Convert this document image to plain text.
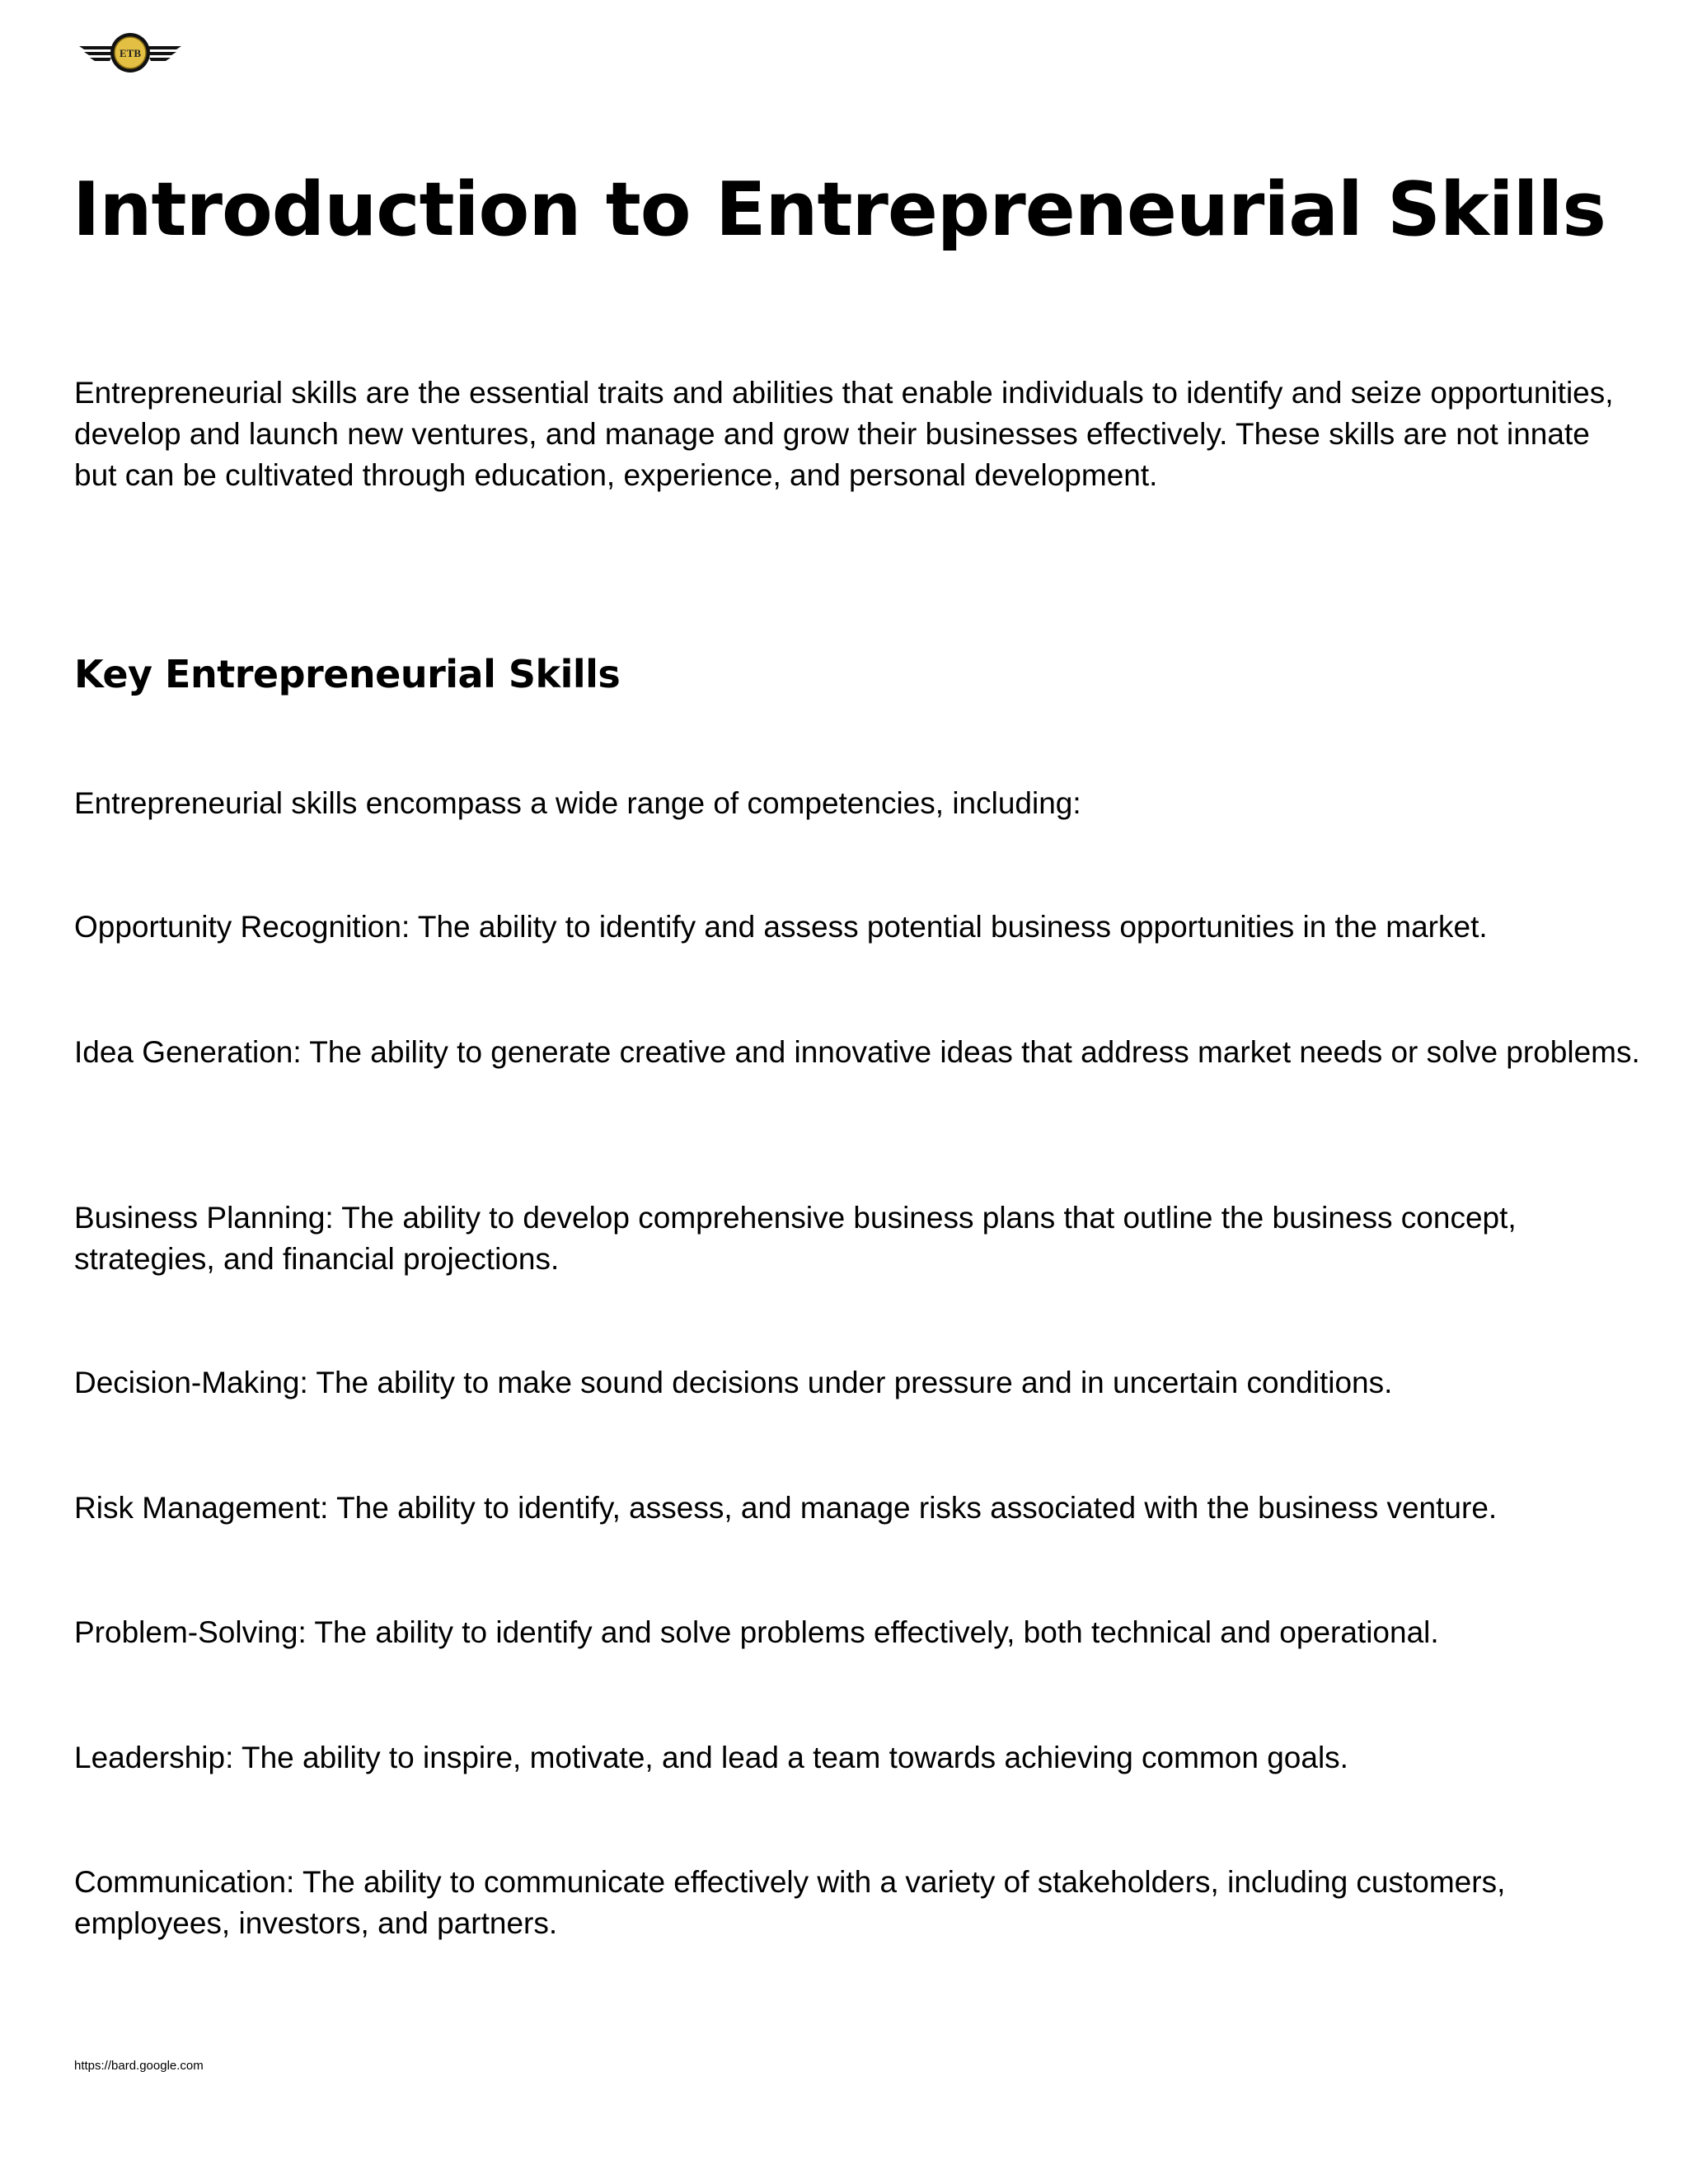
ETB
Introduction to Entrepreneurial Skills

Entrepreneurial skills are the essential traits and abilities that enable individuals to identify and seize opportunities, develop and launch new ventures, and manage and grow their businesses effectively. These skills are not innate but can be cultivated through education, experience, and personal development.

Key Entrepreneurial Skills

Entrepreneurial skills encompass a wide range of competencies, including:

Opportunity Recognition: The ability to identify and assess potential business opportunities in the market.

Idea Generation: The ability to generate creative and innovative ideas that address market needs or solve problems.

Business Planning: The ability to develop comprehensive business plans that outline the business concept, strategies, and financial projections.

Decision-Making: The ability to make sound decisions under pressure and in uncertain conditions.

Risk Management: The ability to identify, assess, and manage risks associated with the business venture.

Problem-Solving: The ability to identify and solve problems effectively, both technical and operational.

Leadership: The ability to inspire, motivate, and lead a team towards achieving common goals.

Communication: The ability to communicate effectively with a variety of stakeholders, including customers, employees, investors, and partners.

https://bard.google.com
